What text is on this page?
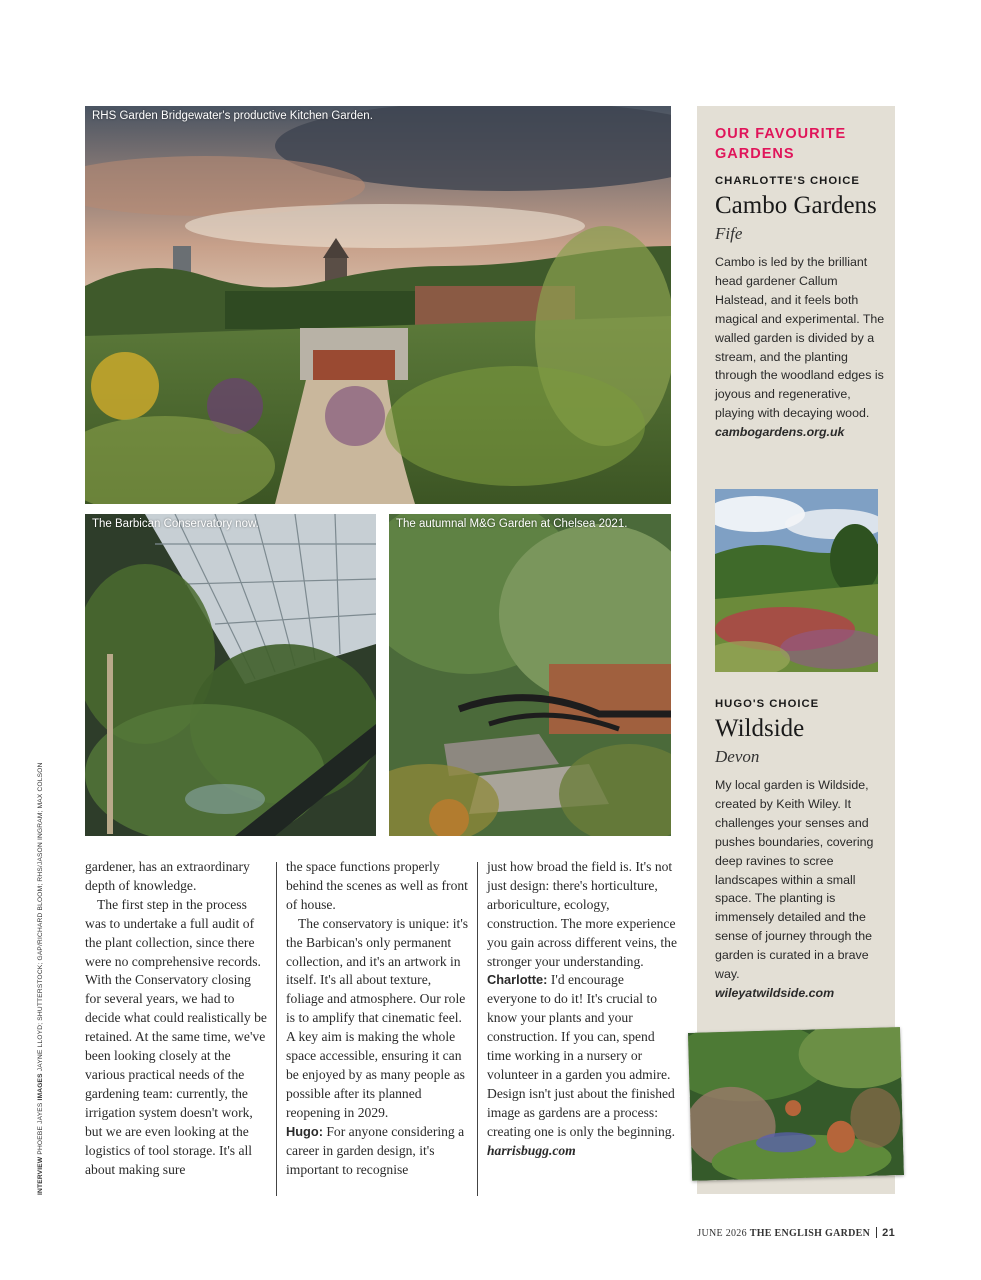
RHS Garden Bridgewater's productive Kitchen Garden.
The Barbican Conservatory now.	The autumnal M&G Garden at Chelsea 2021.
INTERVIEW PHOEBE JAYES IMAGES JAYNE LLOYD; SHUTTERSTOCK; GAP/RICHARD BLOOM; RHS/JASON INGRAM; MAX COLSON	gardener, has an extraordinary depth of knowledge.

The first step in the process was to undertake a full audit of the plant collection, since there were no comprehensive records. With the Conservatory closing for several years, we had to decide what could realistically be retained. At the same time, we've been looking closely at the various practical needs of the gardening team: currently, the irrigation system doesn't work, but we are even looking at the logistics of tool storage. It's all about making sure

the space functions properly behind the scenes as well as front of house.

The conservatory is unique: it's the Barbican's only permanent collection, and it's an artwork in itself. It's all about texture, foliage and atmosphere. Our role is to amplify that cinematic feel. A key aim is making the whole space accessible, ensuring it can be enjoyed by as many people as possible after its planned reopening in 2029.

Hugo: For anyone considering a career in garden design, it's important to recognise

just how broad the field is. It's not just design: there's horticulture, arboriculture, ecology, construction. The more experience you gain across different veins, the stronger your understanding.

Charlotte: I'd encourage everyone to do it! It's crucial to know your plants and your construction. If you can, spend time working in a nursery or volunteer in a garden you admire. Design isn't just about the finished image as gardens are a process: creating one is only the beginning.

harrisbugg.com

OUR FAVOURITE GARDENS
CHARLOTTE'S CHOICE
Cambo Gardens
Fife
Cambo is led by the brilliant head gardener Callum Halstead, and it feels both magical and experimental. The walled garden is divided by a stream, and the planting through the woodland edges is joyous and regenerative, playing with decaying wood.
cambogardens.org.uk
HUGO'S CHOICE
Wildside
Devon
My local garden is Wildside, created by Keith Wiley. It challenges your senses and pushes boundaries, covering deep ravines to scree landscapes within a small space. The planting is immensely detailed and the sense of journey through the garden is curated in a brave way.
wileyatwildside.com
JUNE 2026 THE ENGLISH GARDEN 21
